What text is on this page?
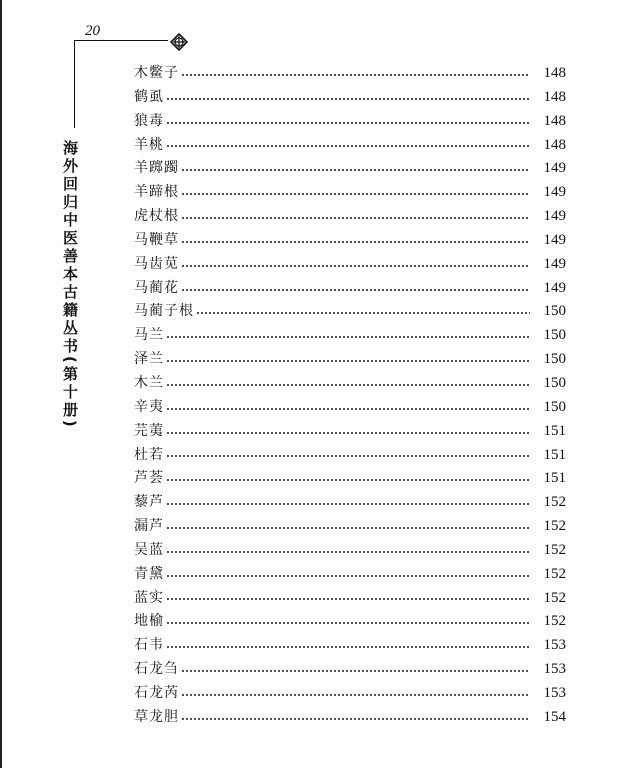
20
海外回归中医善本古籍丛书(第十册)
木鳖子	148
鹤虱	148
狼毒	148
羊桃	148
羊踯躅	149
羊蹄根	149
虎杖根	149
马鞭草	149
马齿苋	149
马蔺花	149
马蔺子根	150
马兰	150
泽兰	150
木兰	150
辛夷	150
芫荑	151
杜若	151
芦荟	151
藜芦	152
漏芦	152
吴蓝	152
青黛	152
蓝实	152
地榆	152
石韦	153
石龙刍	153
石龙芮	153
草龙胆	154
